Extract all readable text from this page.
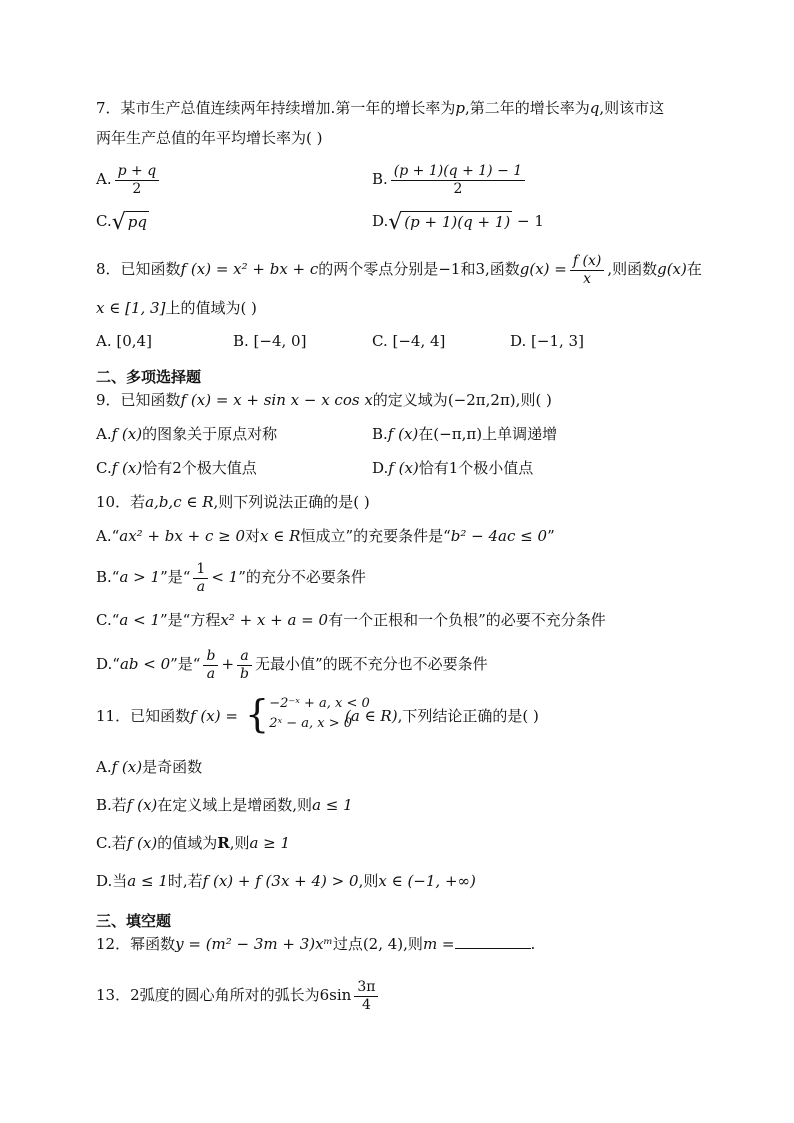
7．某市生产总值连续两年持续增加.第一年的增长率为p,第二年的增长率为q,则该市这
两年生产总值的年平均增长率为( )
A. $\frac{p + q}{2}$	B. $\frac{(p + 1)(q + 1) - 1}{2}$
C.√ pq	D.√ (p + 1)(q + 1) − 1
8．已知函数f (x) = x² + bx + c的两个零点分别是−1和3,函数$g(x) = \frac{f (x)}{x}$ ,则函数g(x)在
x ∈ [1, 3]上的值域为( )
A. [0,4]	B. [−4, 0]	C. [−4, 4]	D. [−1, 3]
二、多项选择题
9．已知函数f (x) = x + sin x − x cos x的定义域为(−2π,2π),则( )
A.f (x)的图象关于原点对称	B.f (x)在(−π,π)上单调递增
C.f (x)恰有2个极大值点	D.f (x)恰有1个极小值点
10．若a,b,c ∈ R,则下列说法正确的是( )
A.“ax² + bx + c ≥ 0对x ∈ R恒成立”的充要条件是“b² − 4ac ≤ 0”
B.“a > 1”是“ $\frac{1}{a} < 1$”的充分不必要条件
C.“a < 1”是“方程x² + x + a = 0有一个正根和一个负根”的必要不充分条件
D.“ab < 0”是“ $\frac{b}{a} + \frac{a}{b}$ 无最小值”的既不充分也不必要条件
11．已知函数f (x) = { −2⁻ˣ + a, x < 0
2ˣ − a, x > 0
(a ∈ R),下列结论正确的是( )
A.f (x)是奇函数
B.若f (x)在定义域上是增函数,则a ≤ 1
C.若f (x)的值域为R,则a ≥ 1
D.当a ≤ 1时,若f (x) + f (3x + 4) > 0,则x ∈ (−1, +∞)
三、填空题
12．幂函数y = (m² − 3m + 3)xᵐ过点(2, 4),则m =	.
13．2弧度的圆心角所对的弧长为$6\sin \frac{3\pi}{4}$
